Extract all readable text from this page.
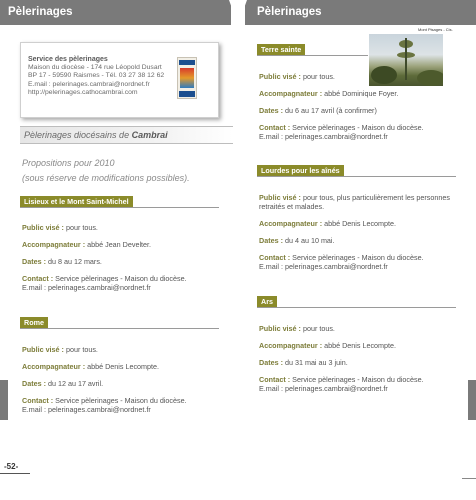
Pèlerinages	Pèlerinages
Service des pèlerinages
Maison du diocèse - 174 rue Léopold Dusart
BP 17 - 59590 Raismes - Tél. 03 27 38 12 62
E.mail : pelerinages.cambrai@nordnet.fr
http://pelerinages.cathocambrai.com
Pèlerinages diocésains de Cambrai
Propositions pour 2010
(sous réserve de modifications possibles).
Lisieux et le Mont Saint-Michel
Public visé : pour tous.
Accompagnateur : abbé Jean Develter.
Dates : du 8 au 12 mars.
Contact : Service pèlerinages - Maison du diocèse.
E.mail : pelerinages.cambrai@nordnet.fr
Rome
Public visé : pour tous.
Accompagnateur : abbé Denis Lecompte.
Dates : du 12 au 17 avril.
Contact : Service pèlerinages - Maison du diocèse.
E.mail : pelerinages.cambrai@nordnet.fr
Mont Pisages - Cis.
Terre sainte
Public visé : pour tous.
Accompagnateur : abbé Dominique Foyer.
Dates : du 6 au 17 avril (à confirmer)
Contact : Service pèlerinages - Maison du diocèse.
E.mail : pelerinages.cambrai@nordnet.fr
Lourdes pour les aînés
Public visé : pour tous, plus particulièrement les personnes
retraités et malades.
Accompagnateur : abbé Denis Lecompte.
Dates : du 4 au 10 mai.
Contact : Service pèlerinages - Maison du diocèse.
E.mail : pelerinages.cambrai@nordnet.fr
Ars
Public visé : pour tous.
Accompagnateur : abbé Denis Lecompte.
Dates : du 31 mai au 3 juin.
Contact : Service pèlerinages - Maison du diocèse.
E.mail : pelerinages.cambrai@nordnet.fr
-52-
